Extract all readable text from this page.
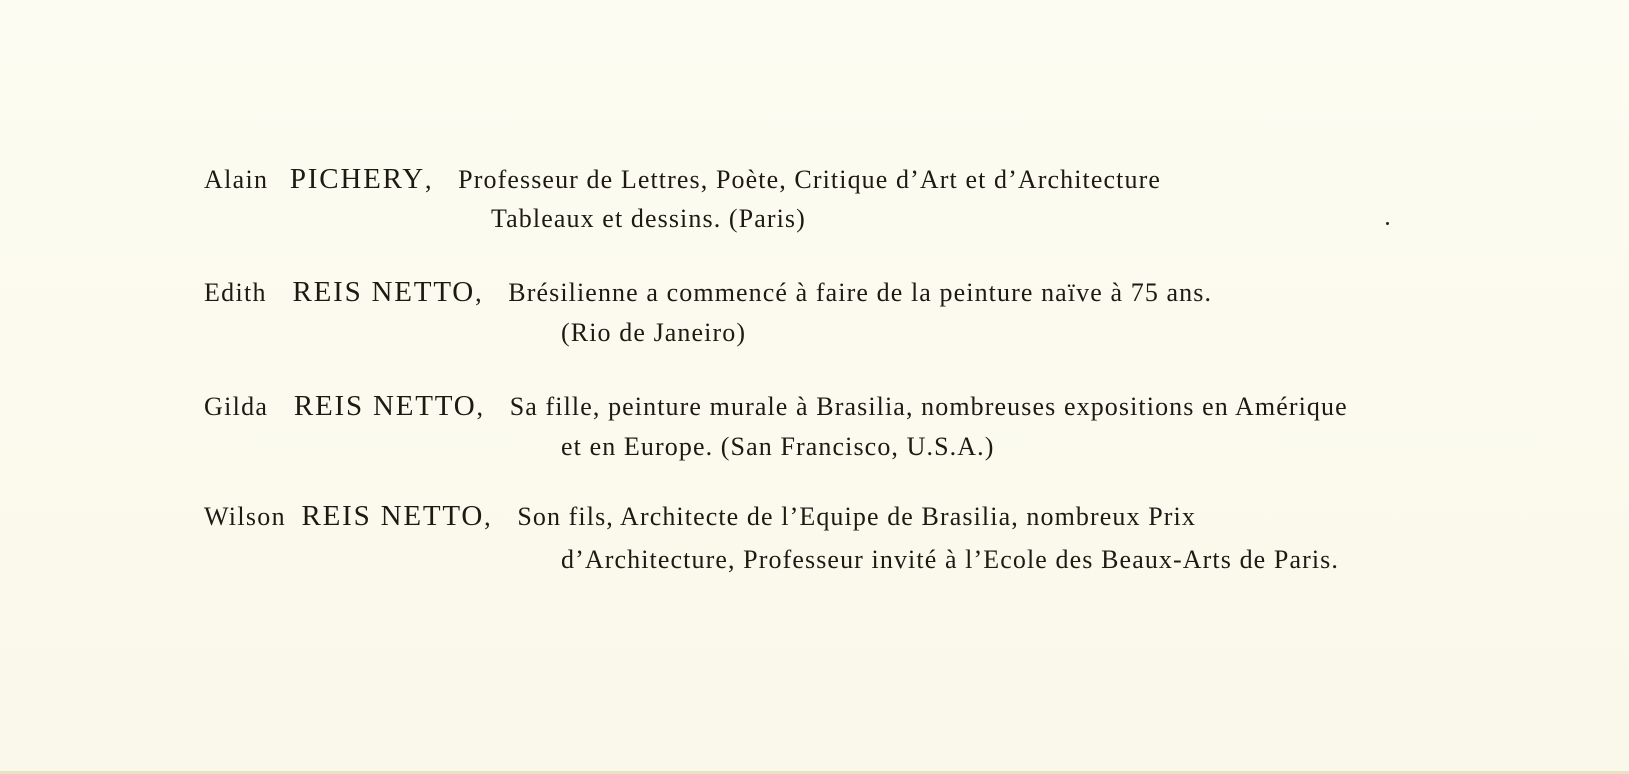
Alain PICHERY, Professeur de Lettres, Poète, Critique d’Art et d’Architecture
Tableaux et dessins. (Paris)
Edith REIS NETTO, Brésilienne a commencé à faire de la peinture naïve à 75 ans.
(Rio de Janeiro)
Gilda REIS NETTO, Sa fille, peinture murale à Brasilia, nombreuses expositions en Amérique
et en Europe. (San Francisco, U.S.A.)
Wilson REIS NETTO, Son fils, Architecte de l’Equipe de Brasilia, nombreux Prix
d’Architecture, Professeur invité à l’Ecole des Beaux-Arts de Paris.
